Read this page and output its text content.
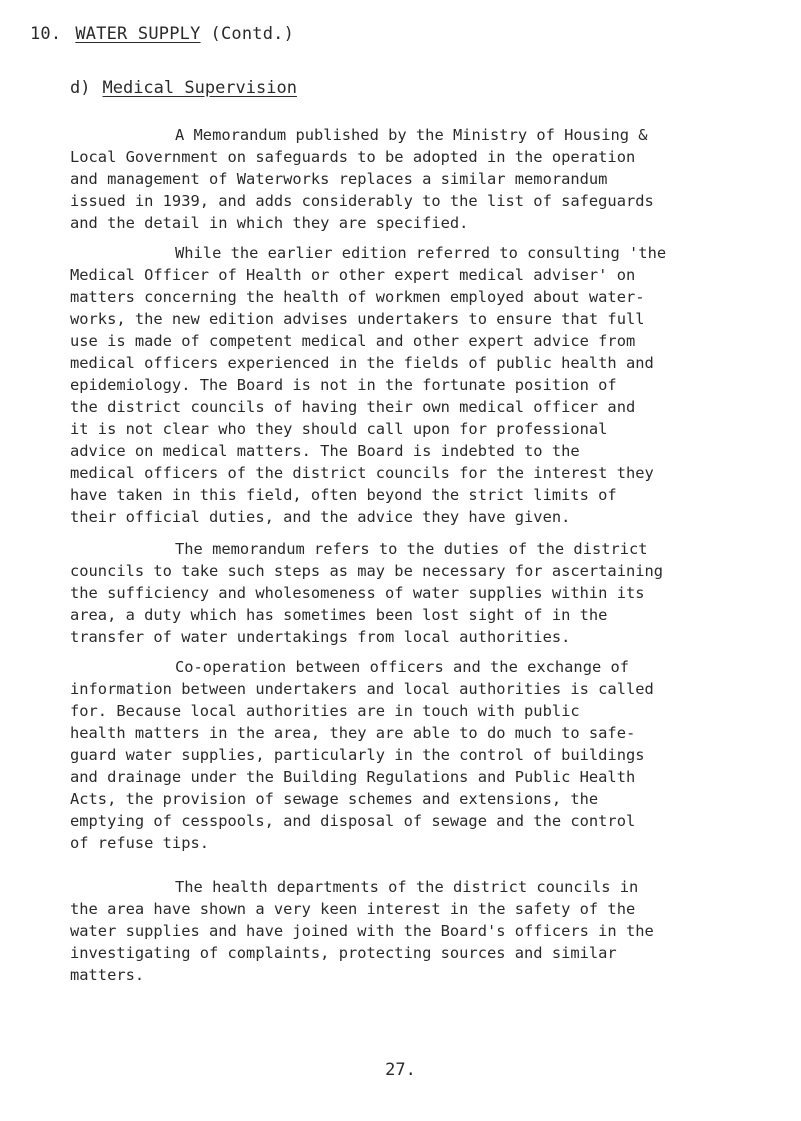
10. WATER SUPPLY (Contd.)
d) Medical Supervision
A Memorandum published by the Ministry of Housing &
Local Government on safeguards to be adopted in the operation
and management of Waterworks replaces a similar memorandum
issued in 1939, and adds considerably to the list of safeguards
and the detail in which they are specified.
While the earlier edition referred to consulting 'the
Medical Officer of Health or other expert medical adviser' on
matters concerning the health of workmen employed about water-
works, the new edition advises undertakers to ensure that full
use is made of competent medical and other expert advice from
medical officers experienced in the fields of public health and
epidemiology. The Board is not in the fortunate position of
the district councils of having their own medical officer and
it is not clear who they should call upon for professional
advice on medical matters. The Board is indebted to the
medical officers of the district councils for the interest they
have taken in this field, often beyond the strict limits of
their official duties, and the advice they have given.
The memorandum refers to the duties of the district
councils to take such steps as may be necessary for ascertaining
the sufficiency and wholesomeness of water supplies within its
area, a duty which has sometimes been lost sight of in the
transfer of water undertakings from local authorities.
Co-operation between officers and the exchange of
information between undertakers and local authorities is called
for. Because local authorities are in touch with public
health matters in the area, they are able to do much to safe-
guard water supplies, particularly in the control of buildings
and drainage under the Building Regulations and Public Health
Acts, the provision of sewage schemes and extensions, the
emptying of cesspools, and disposal of sewage and the control
of refuse tips.
The health departments of the district councils in
the area have shown a very keen interest in the safety of the
water supplies and have joined with the Board's officers in the
investigating of complaints, protecting sources and similar
matters.
27.
